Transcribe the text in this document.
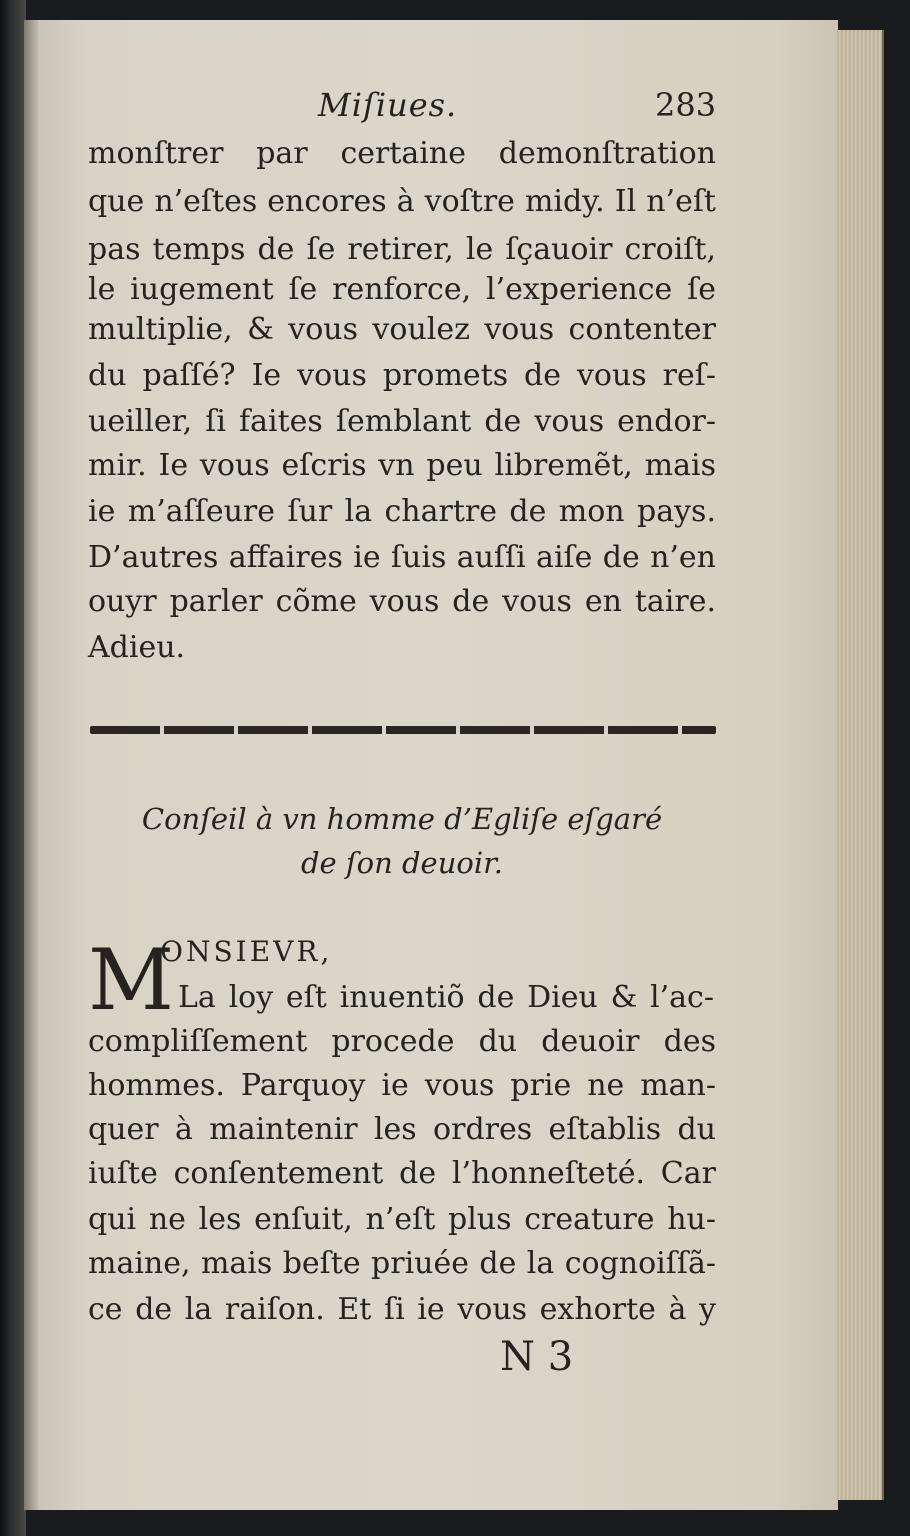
Miſiues.	283
monſtrer par certaine demonſtration
que n’eſtes encores à voſtre midy. Il n’eſt
pas temps de ſe retirer, le ſçauoir croiſt,
le iugement ſe renforce, l’experience ſe
multiplie, & vous voulez vous contenter
du paſſé? Ie vous promets de vous reſ-
ueiller, ſi faites ſemblant de vous endor-
mir. Ie vous eſcris vn peu libremẽt, mais
ie m’aſſeure ſur la chartre de mon pays.
D’autres affaires ie ſuis auſſi aiſe de n’en
ouyr parler cõme vous de vous en taire.
Adieu.
Conſeil à vn homme d’Egliſe eſgaré
de ſon deuoir.
M
ONSIEVR,
La loy eſt inuentiõ de Dieu & l’ac-
compliſſement procede du deuoir des
hommes. Parquoy ie vous prie ne man-
quer à maintenir les ordres eſtablis du
iuſte conſentement de l’honneſteté. Car
qui ne les enſuit, n’eſt plus creature hu-
maine, mais beſte priuée de la cognoiſſã-
ce de la raiſon. Et ſi ie vous exhorte à y
N 3
